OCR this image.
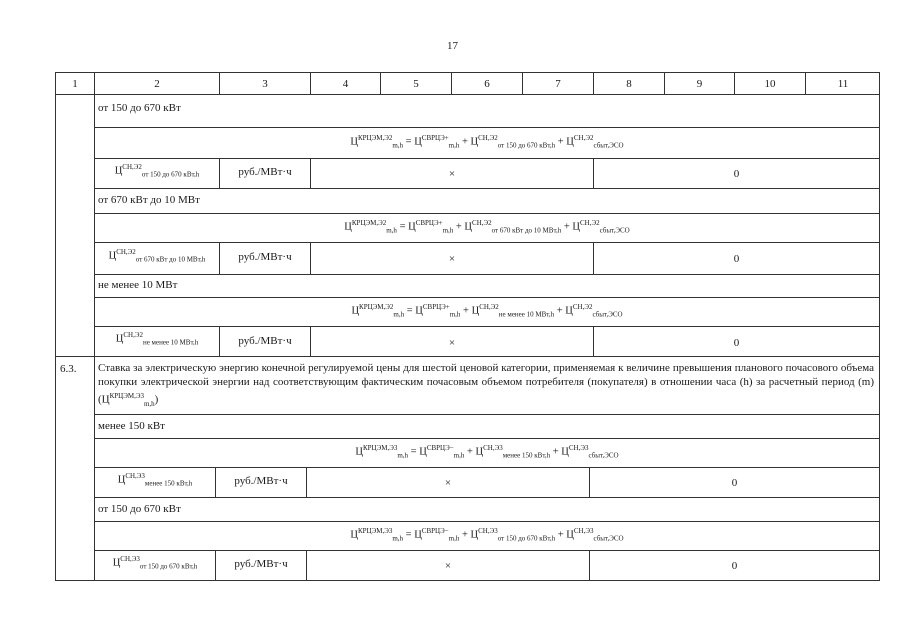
17
1	2	3	4	5	6	7	8	9	10	11
от 150 до 670 кВт
$Ц^{КРЦЭМ,Э2}_{m,h} = Ц^{СВРЦЭ+}_{m,h} + Ц^{СН,Э2}_{от 150 до 670 кВт,h} + Ц^{СН,Э2}_{сбыт,ЭСО}$
$Ц^{СН,Э2}_{от 150 до 670 кВт,h}$	руб./МВт·ч	×	0
от 670 кВт до 10 МВт
$Ц^{КРЦЭМ,Э2}_{m,h} = Ц^{СВРЦЭ+}_{m,h} + Ц^{СН,Э2}_{от 670 кВт до 10 МВт,h} + Ц^{СН,Э2}_{сбыт,ЭСО}$
$Ц^{СН,Э2}_{от 670 кВт до 10 МВт,h}$	руб./МВт·ч	×	0
не менее 10 МВт
$Ц^{КРЦЭМ,Э2}_{m,h} = Ц^{СВРЦЭ+}_{m,h} + Ц^{СН,Э2}_{не менее 10 МВт,h} + Ц^{СН,Э2}_{сбыт,ЭСО}$
$Ц^{СН,Э2}_{не менее 10 МВт,h}$	руб./МВт·ч	×	0
6.3. Ставка за электрическую энергию конечной регулируемой цены для шестой ценовой категории, применяемая к величине превышения планового почасового объема покупки электрической энергии над соответствующим фактическим почасовым объемом потребителя (покупателя) в отношении часа (h) за расчетный период (m) $(Ц^{КРЦЭМ,Э3}_{m,h})$
менее 150 кВт
$Ц^{КРЦЭМ,Э3}_{m,h} = Ц^{СВРЦЭ-}_{m,h} + Ц^{СН,Э3}_{менее 150 кВт,h} + Ц^{СН,Э3}_{сбыт,ЭСО}$
$Ц^{СН,Э3}_{менее 150 кВт,h}$	руб./МВт·ч	×	0
от 150 до 670 кВт
$Ц^{КРЦЭМ,Э3}_{m,h} = Ц^{СВРЦЭ-}_{m,h} + Ц^{СН,Э3}_{от 150 до 670 кВт,h} + Ц^{СН,Э3}_{сбыт,ЭСО}$
$Ц^{СН,Э3}_{от 150 до 670 кВт,h}$	руб./МВт·ч	×	0
